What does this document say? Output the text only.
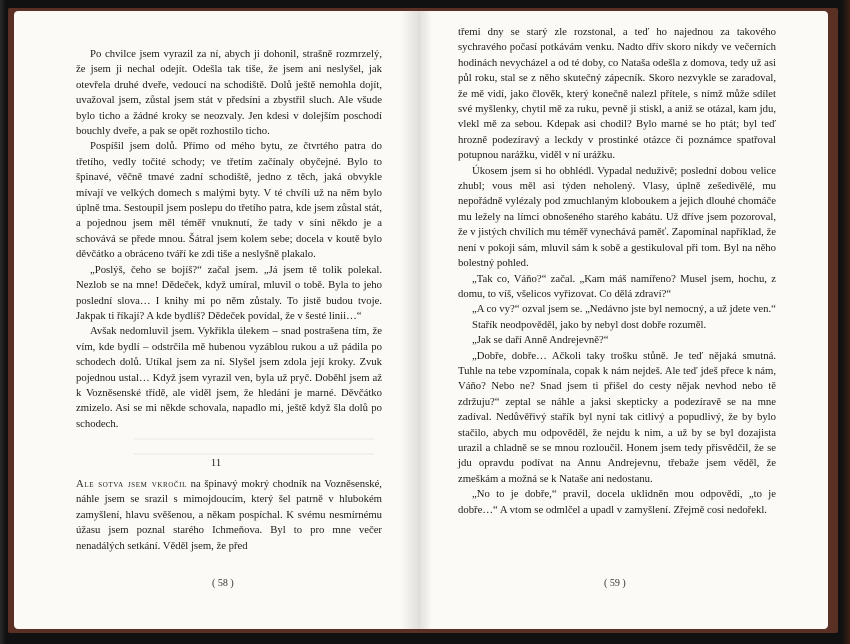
Po chvilce jsem vyrazil za ní, abych ji dohonil, strašně rozmrzelý, že jsem ji nechal odejít. Odešla tak tiše, že jsem ani neslyšel, jak otevřela druhé dveře, vedoucí na schodiště. Dolů ještě nemohla dojít, uvažoval jsem, zůstal jsem stát v předsíni a zbystřil sluch. Ale všude bylo ticho a žádné kroky se neozvaly. Jen kdesi v dolejším poschodí bouchly dveře, a pak se opět rozhostilo ticho.

Pospíšil jsem dolů. Přímo od mého bytu, ze čtvrtého patra do třetího, vedly točité schody; ve třetím začínaly obyčejné. Bylo to špinavé, věčně tmavé zadní schodiště, jedno z těch, jaká obvykle mívají ve velkých domech s malými byty. V té chvíli už na něm bylo úplně tma. Sestoupil jsem poslepu do třetího patra, kde jsem zůstal stát, a pojednou jsem měl téměř vnuknutí, že tady v síni někdo je a schovává se přede mnou. Šátral jsem kolem sebe; docela v koutě bylo děvčátko a obráceno tváří ke zdi tiše a neslyšně plakalo.

„Poslýš, čeho se bojíš?“ začal jsem. „Já jsem tě tolik polekal. Nezlob se na mne! Dědeček, když umíral, mluvil o tobě. Byla to jeho poslední slova… I knihy mi po něm zůstaly. To jistě budou tvoje. Jakpak ti říkají? A kde bydlíš? Dědeček povídal, že v šesté linii…“

Avšak nedomluvil jsem. Vykřikla úlekem – snad postrašena tím, že vím, kde bydlí – odstrčila mě hubenou vyzáblou rukou a už pádila po schodech dolů. Utíkal jsem za ní. Slyšel jsem zdola její kroky. Zvuk pojednou ustal… Když jsem vyrazil ven, byla už pryč. Doběhl jsem až k Vozněsenské třídě, ale viděl jsem, že hledání je marné. Děvčátko zmizelo. Asi se mi někde schovala, napadlo mi, ještě když šla dolů po schodech.

11

Ale sotva jsem vkročil na špinavý mokrý chodník na Vozněsenské, náhle jsem se srazil s mimojdoucím, který šel patrně v hlubokém zamyšlení, hlavu svěšenou, a někam pospíchal. K svému nesmírnému úžasu jsem poznal starého Ichmeňova. Byl to pro mne večer nenadálých setkání. Věděl jsem, že před

( 58 )

třemi dny se starý zle rozstonal, a teď ho najednou za takového sychravého počasí potkávám venku. Nadto dřív skoro nikdy ve večerních hodinách nevycházel a od té doby, co Nataša odešla z domova, tedy už asi půl roku, stal se z něho skutečný zápecník. Skoro nezvykle se zaradoval, že mě vidí, jako člověk, který konečně nalezl přítele, s nímž může sdílet své myšlenky, chytil mě za ruku, pevně ji stiskl, a aniž se otázal, kam jdu, vlekl mě za sebou. Kdepak asi chodil? Bylo marné se ho ptát; byl teď hrozně podezíravý a leckdy v prostinké otázce či poznámce spatřoval potupnou narážku, viděl v ní urážku.

Úkosem jsem si ho obhlédl. Vypadal neduživě; poslední dobou velice zhubl; vous měl asi týden neholený. Vlasy, úplně zešedivělé, mu nepořádně vylézaly pod zmuchlaným kloboukem a jejich dlouhé chomáče mu ležely na límci obnošeného starého kabátu. Už dříve jsem pozoroval, že v jistých chvílích mu téměř vynechává paměť. Zapomínal například, že není v pokoji sám, mluvil sám k sobě a gestikuloval při tom. Byl na něho bolestný pohled.

„Tak co, Váňo?“ začal. „Kam máš namířeno? Musel jsem, hochu, z domu, to víš, všelicos vyřizovat. Co dělá zdraví?“

„A co vy?“ ozval jsem se. „Nedávno jste byl nemocný, a už jdete ven.“

Stařík neodpověděl, jako by nebyl dost dobře rozuměl.

„Jak se daří Anně Andrejevně?“

„Dobře, dobře… Ačkoli taky trošku stůně. Je teď nějaká smutná. Tuhle na tebe vzpomínala, copak k nám nejdeš. Ale teď jdeš přece k nám, Váňo? Nebo ne? Snad jsem ti přišel do cesty nějak nevhod nebo tě zdržuju?“ zeptal se náhle a jaksi skepticky a podezíravě se na mne zadíval. Nedůvěřivý stařík byl nyní tak citlivý a popudlivý, že by bylo stačilo, abych mu odpověděl, že nejdu k nim, a už by se byl dozajista urazil a chladně se se mnou rozloučil. Honem jsem tedy přisvědčil, že se jdu opravdu podívat na Annu Andrejevnu, třebaže jsem věděl, že zmeškám a možná se k Nataše ani nedostanu.

„No to je dobře,“ pravil, docela uklidněn mou odpovědí, „to je dobře…“ A vtom se odmlčel a upadl v zamyšlení. Zřejmě cosi nedořekl.

( 59 )
